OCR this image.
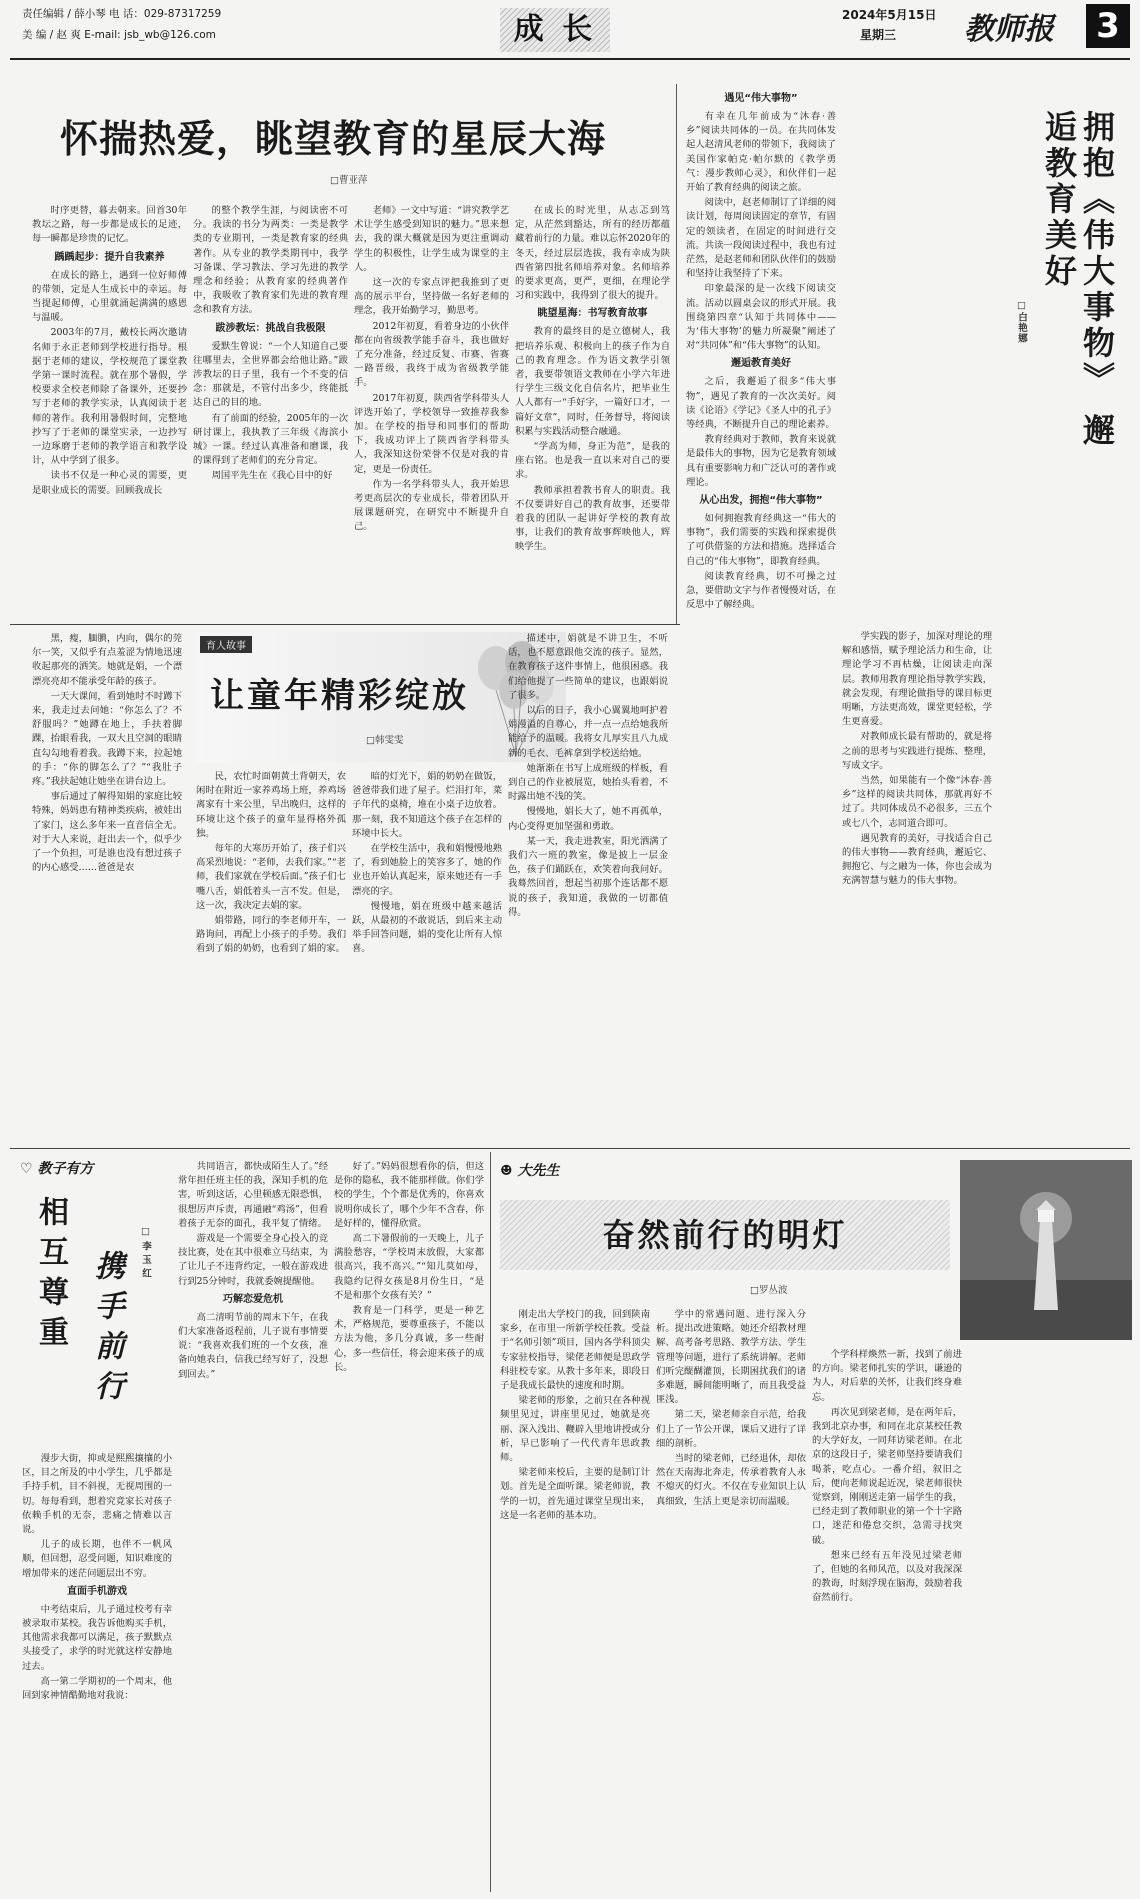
责任编辑 / 薛小琴 电 话：029-87317259
美 编 / 赵 爽 E-mail: jsb_wb@126.com	成 长	2024年5月15日
星期三 教师报 3
怀揣热爱，眺望教育的星辰大海
□曹亚萍

时序更替，暮去朝来。回首30年教坛之路，每一步都是成长的足迹，每一瞬都是珍贵的记忆。

踽踽起步：提升自我素养

在成长的路上，遇到一位好师傅的带领，定是人生成长中的幸运。每当提起师傅，心里就涌起满满的感恩与温暖。

2003年的7月，戴校长两次邀请名师于永正老师到学校进行指导。根据于老师的建议，学校规范了课堂教学第一课时流程。就在那个暑假，学校要求全校老师除了备课外，还要抄写于老师的教学实录，认真阅读于老师的著作。我利用暑假时间，完整地抄写了于老师的课堂实录，一边抄写一边琢磨于老师的教学语言和教学设计，从中学到了很多。

读书不仅是一种心灵的需要，更是职业成长的需要。回顾我成长

的整个教学生涯，与阅读密不可分。我读的书分为两类：一类是教学类的专业期刊，一类是教育家的经典著作。从专业的教学类期刊中，我学习备课、学习教法、学习先进的教学理念和经验；从教育家的经典著作中，我吸收了教育家们先进的教育理念和教育方法。

跋涉教坛：挑战自我极限

爱默生曾说：“一个人知道自己要往哪里去，全世界都会给他让路。”跋涉教坛的日子里，我有一个不变的信念：那就是，不管付出多少，终能抵达自己的目的地。

有了前面的经验，2005年的一次研讨课上，我执教了三年级《海滨小城》一课。经过认真准备和磨课，我的课得到了老师们的充分肯定。

周国平先生在《我心目中的好

老师》一文中写道：“讲究教学艺术让学生感受到知识的魅力。”思来想去，我的课大概就是因为更注重调动学生的积极性，让学生成为课堂的主人。

这一次的专家点评把我推到了更高的展示平台，坚持做一名好老师的理念，我开始勤学习，勤思考。

2012年初夏，看着身边的小伙伴都在向省级教学能手奋斗，我也做好了充分准备，经过反复、市赛、省赛一路晋级，我终于成为省级教学能手。

2017年初夏，陕西省学科带头人评选开始了，学校领导一致推荐我参加。在学校的指导和同事们的帮助下，我成功评上了陕西省学科带头人，我深知这份荣誉不仅是对我的肯定，更是一份责任。

作为一名学科带头人，我开始思考更高层次的专业成长，带着团队开展课题研究，在研究中不断提升自己。

在成长的时光里，从志忑到笃定，从茫然到豁达，所有的经历都蕴藏着前行的力量。难以忘怀2020年的冬天，经过层层选拔，我有幸成为陕西省第四批名师培养对象。名师培养的要求更高，更严，更细，在理论学习和实践中，我得到了很大的提升。

眺望星海：书写教育故事

教育的最终目的是立德树人，我把培养乐观、积极向上的孩子作为自己的教育理念。作为语文教学引领者，我要带领语文教师在小学六年进行学生三级文化自信名片，把毕业生人人都有一“手好字，一篇好口才，一篇好文章”，同时，任务督导，将阅读积累与实践活动整合融通。

“学高为师，身正为范”，是我的座右铭。也是我一直以来对自己的要求。

教师承担着教书育人的职责。我不仅要讲好自己的教育故事，还要带着我的团队一起讲好学校的教育故事，让我们的教育故事辉映他人，辉映学生。

拥抱《伟大事物》 邂逅教育美好
□白艳娜
遇见“伟大事物”

有幸在几年前成为“沐春·善乡”阅读共同体的一员。在共同体发起人赵清风老师的带领下，我阅读了美国作家帕克·帕尔默的《教学勇气：漫步教师心灵》，和伙伴们一起开始了教育经典的阅读之旅。

阅读中，赵老师制订了详细的阅读计划，每周阅读固定的章节，有固定的领读者，在固定的时间进行交流。共读一段阅读过程中，我也有过茫然，是赵老师和团队伙伴们的鼓励和坚持让我坚持了下来。

印象最深的是一次线下阅读交流。活动以圆桌会议的形式开展。我围绕第四章“认知于共同体中——为‘伟大事物’的魅力所凝聚”阐述了对“共同体”和“伟大事物”的认知。

邂逅教育美好

之后，我邂逅了很多“伟大事物”，遇见了教育的一次次美好。阅读《论语》《学记》《圣人中的孔子》等经典，不断提升自己的理论素养。

教育经典对于教师，教育来说就是最伟大的事物，因为它是教育领域具有重要影响力和广泛认可的著作或理论。

从心出发，拥抱“伟大事物”

如何拥抱教育经典这一“伟大的事物”，我们需要的实践和探索提供了可供借鉴的方法和措施。选择适合自己的“伟大事物”，即教育经典。

阅读教育经典，切不可操之过急，要借助文字与作者慢慢对话，在反思中了解经典。

学实践的影子，加深对理论的理解和感悟，赋予理论活力和生命，让理论学习不再枯燥，让阅读走向深层。教师用教育理论指导教学实践，就会发现，有理论做指导的课目标更明晰，方法更高效，课堂更轻松，学生更喜爱。

对教师成长最有帮助的，就是将之前的思考与实践进行提炼、整理，写成文字。

当然，如果能有一个像“沐春·善乡”这样的阅读共同体，那就再好不过了。共同体成员不必很多，三五个或七八个，志同道合即可。

遇见教育的美好，寻找适合自己的伟大事物——教育经典，邂逅它、拥抱它、与之融为一体，你也会成为充满智慧与魅力的伟大事物。

黑，瘦，腼腆，内向，偶尔的莞尔一笑，又似乎有点羞涩为情地迅速收起那亮的洒笑。她就是娟，一个漂漂亮亮却不能承受年龄的孩子。

一天大课间，看到她时不时蹲下来，我走过去问她：“你怎么了？不舒服吗？”她蹲在地上，手扶着脚踝，抬眼看我，一双大且空洞的眼睛直勾勾地看着我。我蹲下来，拉起她的手：“你的脚怎么了？”“我肚子疼。”我扶起她让她坐在讲台边上。

事后通过了解得知娟的家庭比较特殊，妈妈患有精神类疾病，被娃出了家门，这么多年来一直音信全无。对于大人来说，赶出去一个，似乎少了一个负担，可是谁也没有想过孩子的内心感受……爸爸是农

育人故事
让童年精彩绽放
□韩雯雯

民，农忙时面朝黄土背朝天，农闲时在附近一家养鸡场上班，养鸡场离家有十来公里，早出晚归，这样的环境让这个孩子的童年显得格外孤独。

每年的大寒历开始了，孩子们兴高采烈地说：“老师，去我们家。”“老师，我们家就在学校后面。”孩子们七嘴八舌，娟低着头一言不发。但是，这一次，我决定去娟的家。

娟带路，同行的李老师开车，一路询问，再配上小孩子的手势。我们看到了娟的奶奶，也看到了娟的家。

暗的灯光下，娟的奶奶在做饭，爸爸带我们进了屋子。烂泪打年，菜子年代的桌椅，堆在小桌子边放着。那一刻，我不知道这个孩子在怎样的环境中长大。

在学校生活中，我和娟慢慢地熟了，看到她脸上的笑容多了，她的作业也开始认真起来，原来她还有一手漂亮的字。

慢慢地，娟在班级中越来越活跃，从最初的不敢说话，到后来主动举手回答问题，娟的变化让所有人惊喜。

描述中，娟就是不讲卫生，不听话，也不愿意跟他交流的孩子。显然，在教育孩子这件事情上，他很困惑。我们给他提了一些简单的建议，也跟娟说了很多。

以后的日子，我小心翼翼地呵护着娟漫溢的自尊心，并一点一点给她我所能给予的温暖。我将女儿厚实且八九成新的毛衣、毛裤拿到学校送给她。

她渐渐在书写上成班级的样板，看到自己的作业被展览，她抬头看着，不时露出她不浅的笑。

慢慢地，娟长大了，她不再孤单，内心变得更加坚强和勇敢。

某一天，我走进教室，阳光洒满了我们六一班的教室，像是披上一层金色，孩子们踊跃在，欢笑着向我问好。我蓦然回首，想起当初那个连话都不愿说的孩子，我知道，我做的一切都值得。

♡ 教子有方
相互尊重 携手前行	□李玉红

漫步大街，抑或是熙熙攘攘的小区，目之所及的中小学生，几乎都是手持手机，目不斜视，无视周围的一切。每每看到，想着究竟家长对孩子依赖手机的无奈，悲痛之情难以言说。

儿子的成长期，也伴不一帆风顺，但回想，忍受问题，知识难度的增加带来的迷茫问题层出不穷。

直面手机游戏

中考结束后，儿子通过校考有幸被录取市某校。我告诉他购买手机，其他需求我都可以满足，孩子默默点头接受了，求学的时光就这样安静地过去。

高一第二学期初的一个周末，他回到家神情酷勤地对我说：

共同语言，都快成陌生人了。”经常年担任班主任的我，深知手机的危害，听到这话，心里顿感无限恐惧，很想厉声斥责，再通融“鸡汤”，但看着孩子无奈的面孔，我平复了情绪。

游戏是一个需要全身心投入的竞技比赛，处在其中很难立马结束，为了让儿子不违背约定，一般在游戏进行到25分钟时，我就委婉提醒他。

巧解恋爱危机

高二清明节前的周末下午，在我们大家准备返程前，儿子说有事情要说：“我喜欢我们班的一个女孩，准备向她表白，信我已经写好了，没想到回去。”

好了。”妈妈很想看你的信，但这是你的隐私，我不能那样做。你们学校的学生，个个都是优秀的，你喜欢说明你成长了，哪个少年不含春，你是好样的，懂得欣赏。

高二下暑假前的一天晚上，儿子满脸愁容，“学校周末放假，大家都很高兴，我不高兴。”“知儿莫如母，我隐约记得女孩是8月份生日，“是不是和那个女孩有关？”

教育是一门科学，更是一种艺术，严格规范，要尊重孩子，不能以方法为他，多几分真诚，多一些耐心，多一些信任，将会迎来孩子的成长。

☻ 大先生
奋然前行的明灯
□罗丛波

刚走出大学校门的我，回到陕南家乡，在市里一所新学校任教。受益于“名师引领”项目，国内各学科顶尖专家驻校指导，梁佬老师便是思政学科驻校专家。从教十多年来，即段日子是我成长最快的速度和时期。

梁老师的形象，之前只在各种视频里见过，讲座里见过，她就是亮丽、深入浅出、鞭辟入里地讲授或分析，早已影响了一代代青年思政教师。

梁老师来校后，主要的是制订计划。首先是全面听课。梁老师说，教学的一切，首先通过课堂呈现出来，这是一名老师的基本功。

学中的常遇问题、进行深入分析。提出改进策略。她还介绍教材理解、高考备考思路、教学方法、学生管理等问题，进行了系统讲解。老师们听完醍醐灌顶，长期困扰我们的诸多难题，瞬间能明晰了，而且我受益匪浅。

第二天，梁老师亲自示范，给我们上了一节公开课，课后又进行了详细的剖析。

当时的梁老师，已经退休，却依然在天南海北奔走，传承着教育人永不熄灭的灯火。不仅在专业知识上认真细致，生活上更是亲切而温暖。

个学科样煥然一新，找到了前进的方向。梁老师扎实的学识，谦逊的为人，对后辈的关怀，让我们终身难忘。

再次见到梁老师，是在两年后，我到北京办事，和同在北京某校任教的大学好友，一同拜访梁老师。在北京的这段日子，梁老师坚持要请我们喝茶，吃点心。一番介绍，叙旧之后，便向老师说起近况，梁老师很快觉察到，刚刚送走第一届学生的我，已经走到了教师职业的第一个十字路口，迷茫和倦怠交织，急需寻找突破。

想来已经有五年没见过梁老师了，但她的名师风范，以及对我深深的教诲，时刻浮现在脑海，鼓励着我奋然前行。
